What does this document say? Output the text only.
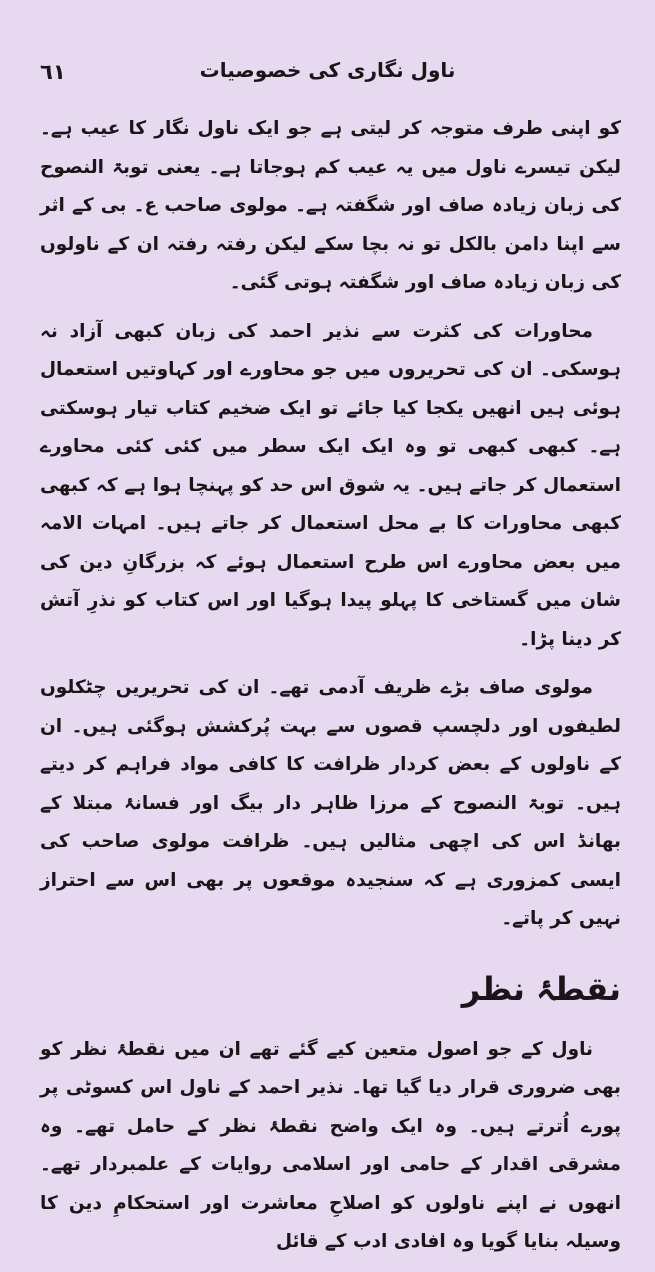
٦١	ناول نگاری کی خصوصیات

کو اپنی طرف متوجہ کر لیتی ہے جو ایک ناول نگار کا عیب ہے۔ لیکن تیسرے ناول میں یہ عیب کم ہوجاتا ہے۔ یعنی توبۃ النصوح کی زبان زیادہ صاف اور شگفتہ ہے۔ مولوی صاحب ع۔ بی کے اثر سے اپنا دامن بالکل تو نہ بچا سکے لیکن رفتہ رفتہ ان کے ناولوں کی زبان زیادہ صاف اور شگفتہ ہوتی گئی۔

محاورات کی کثرت سے نذیر احمد کی زبان کبھی آزاد نہ ہوسکی۔ ان کی تحریروں میں جو محاورے اور کہاوتیں استعمال ہوئی ہیں انھیں یکجا کیا جائے تو ایک ضخیم کتاب تیار ہوسکتی ہے۔ کبھی کبھی تو وہ ایک ایک سطر میں کئی کئی محاورے استعمال کر جاتے ہیں۔ یہ شوق اس حد کو پہنچا ہوا ہے کہ کبھی کبھی محاورات کا بے محل استعمال کر جاتے ہیں۔ امہات الامہ میں بعض محاورے اس طرح استعمال ہوئے کہ بزرگانِ دین کی شان میں گستاخی کا پہلو پیدا ہوگیا اور اس کتاب کو نذرِ آتش کر دینا پڑا۔

مولوی صاف بڑے ظریف آدمی تھے۔ ان کی تحریریں چٹکلوں لطیفوں اور دلچسپ قصوں سے بہت پُرکشش ہوگئی ہیں۔ ان کے ناولوں کے بعض کردار ظرافت کا کافی مواد فراہم کر دیتے ہیں۔ توبۃ النصوح کے مرزا ظاہر دار بیگ اور فسانۂ مبتلا کے بھانڈ اس کی اچھی مثالیں ہیں۔ ظرافت مولوی صاحب کی ایسی کمزوری ہے کہ سنجیدہ موقعوں پر بھی اس سے احتراز نہیں کر پاتے۔

نقطۂ نظر

ناول کے جو اصول متعین کیے گئے تھے ان میں نقطۂ نظر کو بھی ضروری قرار دیا گیا تھا۔ نذیر احمد کے ناول اس کسوٹی پر پورے اُترتے ہیں۔ وہ ایک واضح نقطۂ نظر کے حامل تھے۔ وہ مشرقی اقدار کے حامی اور اسلامی روایات کے علمبردار تھے۔ انھوں نے اپنے ناولوں کو اصلاحِ معاشرت اور استحکامِ دین کا وسیلہ بنایا گویا وہ افادی ادب کے قائل
